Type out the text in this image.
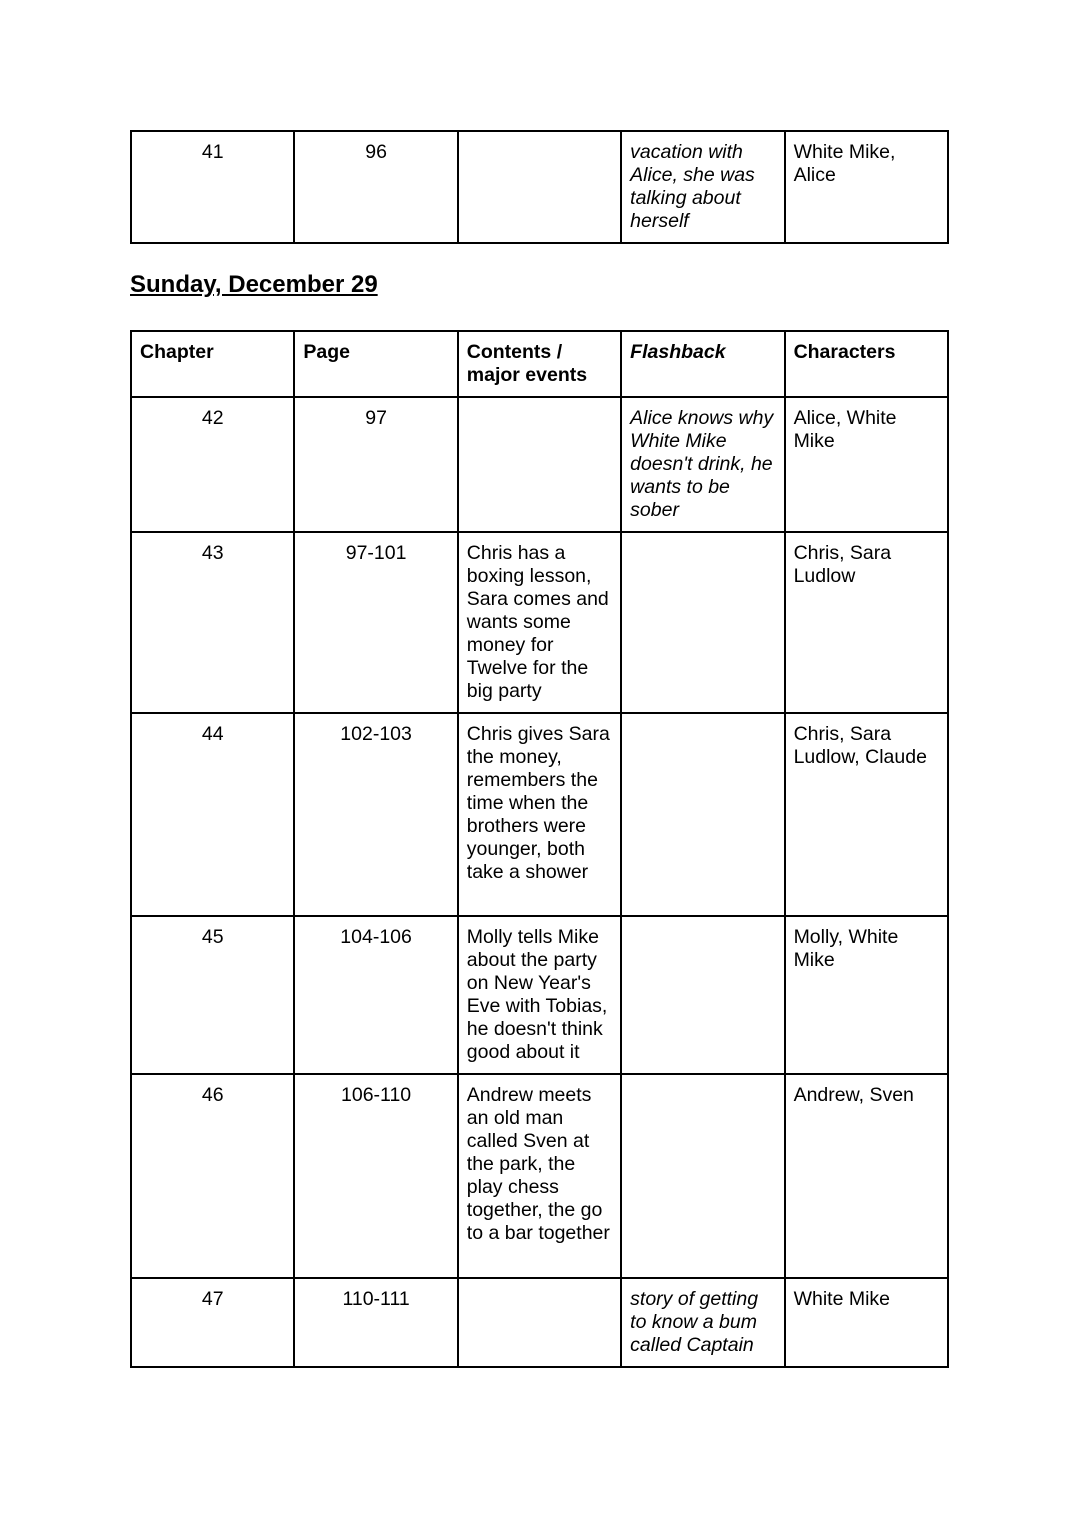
41	96		vacation with Alice, she was talking about herself	White Mike, Alice
Sunday, December 29
Chapter	Page	Contents / major events	Flashback	Characters
42	97		Alice knows why White Mike doesn't drink, he wants to be sober	Alice, White Mike
43	97-101	Chris has a boxing lesson, Sara comes and wants some money for Twelve for the big party		Chris, Sara Ludlow
44	102-103	Chris gives Sara the money, remembers the time when the brothers were younger, both take a shower		Chris, Sara Ludlow, Claude
45	104-106	Molly tells Mike about the party on New Year's Eve with Tobias, he doesn't think good about it		Molly, White Mike
46	106-110	Andrew meets an old man called Sven at the park, the play chess together, the go to a bar together		Andrew, Sven
47	110-111		story of getting to know a bum called Captain	White Mike
